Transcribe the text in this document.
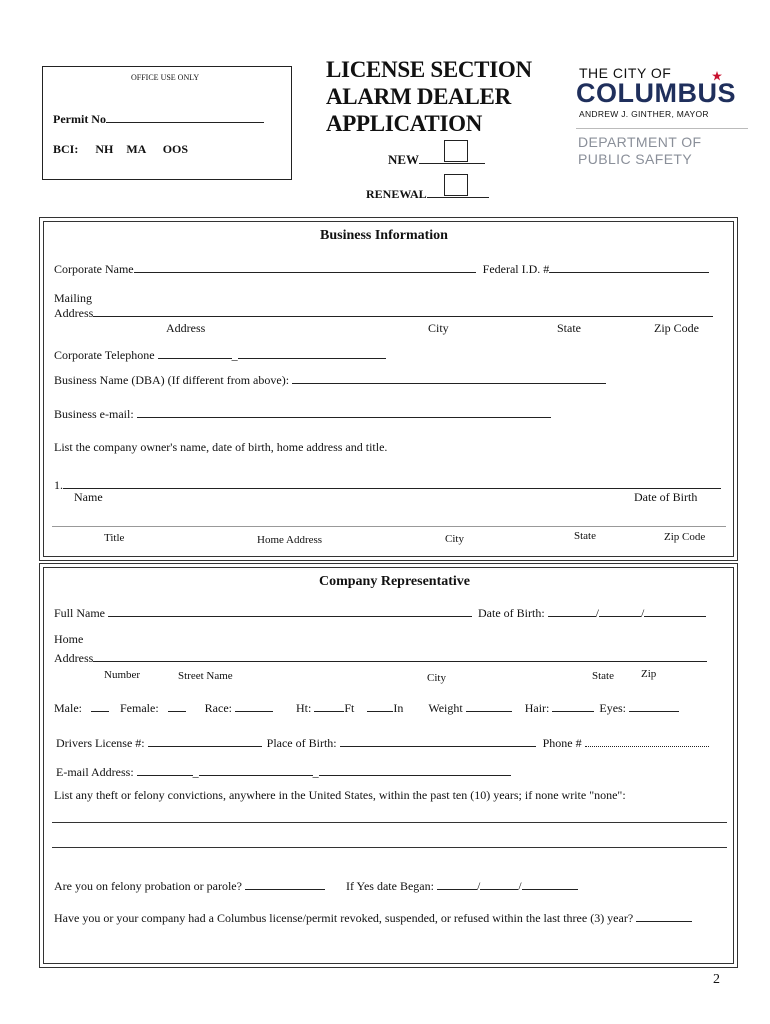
OFFICE USE ONLY
Permit No
BCI: NH MA OOS
LICENSE SECTION
ALARM DEALER
APPLICATION
NEW
RENEWAL
THE CITY OF
COLUMBUS
ANDREW J. GINTHER, MAYOR
DEPARTMENT OF
PUBLIC SAFETY
Business Information
Corporate Name	Federal I.D. #
Mailing
Address
Address	City	State	Zip Code
Corporate Telephone	_
Business Name (DBA) (If different from above):
Business e-mail:
List the company owner's name, date of birth, home address and title.
1.
Name	Date of Birth
Title	Home Address	City	State	Zip Code
Company Representative
Full Name	Date of Birth:	/	/
Home
Address
Number	Street Name	City	State Zip
Male:	Female:	Race:	Ht:	Ft	In Weight	Hair:	Eyes:
Drivers License #:	Place of Birth:	Phone #
E-mail Address:	_	_
List any theft or felony convictions, anywhere in the United States, within the past ten (10) years; if none write "none":
Are you on felony probation or parole?	If Yes date Began:	/	/
Have you or your company had a Columbus license/permit revoked, suspended, or refused within the last three (3) year?
2
